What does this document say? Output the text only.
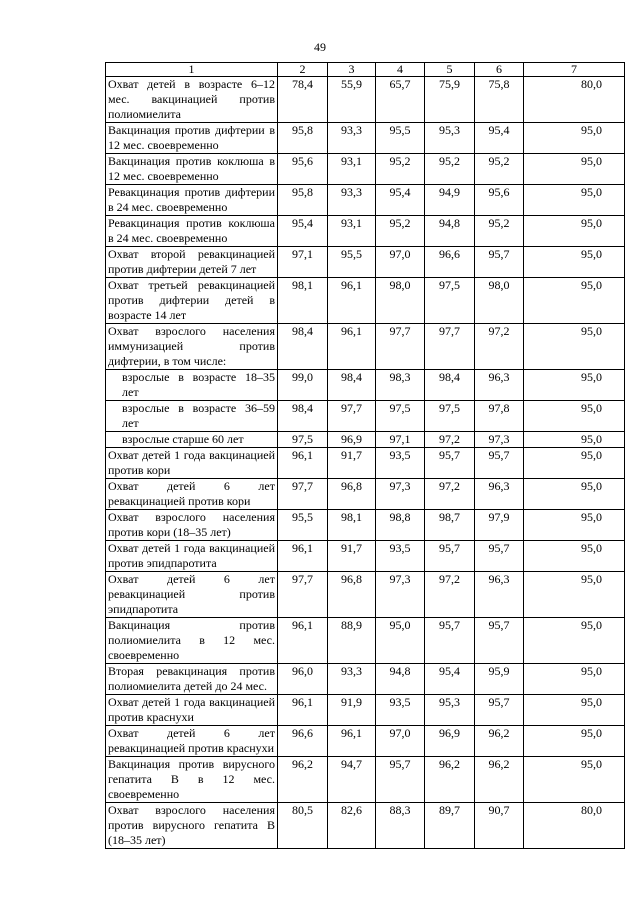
49
1	2	3	4	5	6	7
Охват детей в возрасте 6–12 мес. вакцинацией против полиомиелита	78,4	55,9	65,7	75,9	75,8	80,0
Вакцинация против дифтерии в 12 мес. своевременно	95,8	93,3	95,5	95,3	95,4	95,0
Вакцинация против коклюша в 12 мес. своевременно	95,6	93,1	95,2	95,2	95,2	95,0
Ревакцинация против дифтерии в 24 мес. своевременно	95,8	93,3	95,4	94,9	95,6	95,0
Ревакцинация против коклюша в 24 мес. своевременно	95,4	93,1	95,2	94,8	95,2	95,0
Охват второй ревакцинацией против дифтерии детей 7 лет	97,1	95,5	97,0	96,6	95,7	95,0
Охват третьей ревакцинацией против дифтерии детей в возрасте 14 лет	98,1	96,1	98,0	97,5	98,0	95,0
Охват взрослого населения иммунизацией против дифтерии, в том числе:	98,4	96,1	97,7	97,7	97,2	95,0
взрослые в возрасте 18–35 лет	99,0	98,4	98,3	98,4	96,3	95,0
взрослые в возрасте 36–59 лет	98,4	97,7	97,5	97,5	97,8	95,0
взрослые старше 60 лет	97,5	96,9	97,1	97,2	97,3	95,0
Охват детей 1 года вакцинацией против кори	96,1	91,7	93,5	95,7	95,7	95,0
Охват детей 6 лет ревакцинацией против кори	97,7	96,8	97,3	97,2	96,3	95,0
Охват взрослого населения против кори (18–35 лет)	95,5	98,1	98,8	98,7	97,9	95,0
Охват детей 1 года вакцинацией против эпидпаротита	96,1	91,7	93,5	95,7	95,7	95,0
Охват детей 6 лет ревакцинацией против эпидпаротита	97,7	96,8	97,3	97,2	96,3	95,0
Вакцинация против полиомиелита в 12 мес. своевременно	96,1	88,9	95,0	95,7	95,7	95,0
Вторая ревакцинация против полиомиелита детей до 24 мес.	96,0	93,3	94,8	95,4	95,9	95,0
Охват детей 1 года вакцинацией против краснухи	96,1	91,9	93,5	95,3	95,7	95,0
Охват детей 6 лет ревакцинацией против краснухи	96,6	96,1	97,0	96,9	96,2	95,0
Вакцинация против вирусного гепатита В в 12 мес. своевременно	96,2	94,7	95,7	96,2	96,2	95,0
Охват взрослого населения против вирусного гепатита В (18–35 лет)	80,5	82,6	88,3	89,7	90,7	80,0
